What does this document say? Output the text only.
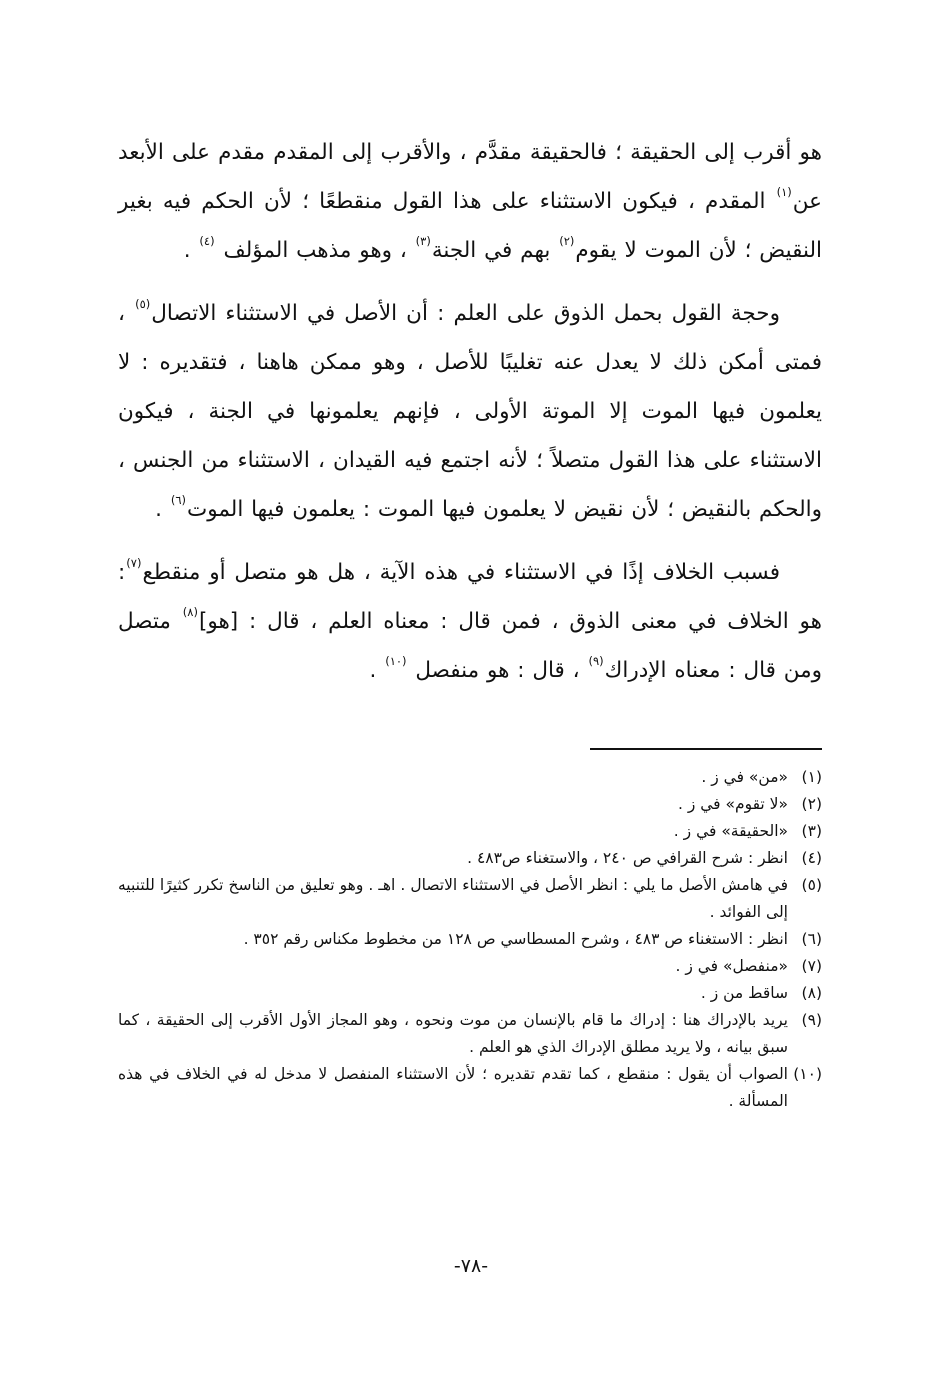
هو أقرب إلى الحقيقة ؛ فالحقيقة مقدَّم ، والأقرب إلى المقدم مقدم على الأبعد عن$^{(١)}$ المقدم ، فيكون الاستثناء على هذا القول منقطعًا ؛ لأن الحكم فيه بغير النقيض ؛ لأن الموت لا يقوم$^{(٢)}$ بهم في الجنة$^{(٣)}$ ، وهو مذهب المؤلف $^{(٤)}$ .

وحجة القول بحمل الذوق على العلم : أن الأصل في الاستثناء الاتصال$^{(٥)}$ ، فمتى أمكن ذلك لا يعدل عنه تغليبًا للأصل ، وهو ممكن هاهنا ، فتقديره : لا يعلمون فيها الموت إلا الموتة الأولى ، فإنهم يعلمونها في الجنة ، فيكون الاستثناء على هذا القول متصلاً ؛ لأنه اجتمع فيه القيدان ، الاستثناء من الجنس ، والحكم بالنقيض ؛ لأن نقيض لا يعلمون فيها الموت : يعلمون فيها الموت$^{(٦)}$ .

فسبب الخلاف إذًا في الاستثناء في هذه الآية ، هل هو متصل أو منقطع$^{(٧)}$: هو الخلاف في معنى الذوق ، فمن قال : معناه العلم ، قال : [هو]$^{(٨)}$ متصل ومن قال : معناه الإدراك$^{(٩)}$ ، قال : هو منفصل $^{(١٠)}$ .

(١)
«من» في ز .
(٢)
«لا تقوم» في ز .
(٣)
«الحقيقة» في ز .
(٤)
انظر : شرح القرافي ص ٢٤٠ ، والاستغناء ص٤٨٣ .
(٥)
في هامش الأصل ما يلي : انظر الأصل في الاستثناء الاتصال . اهـ . وهو تعليق من الناسخ تكرر كثيرًا للتنبيه إلى الفوائد .
(٦)
انظر : الاستغناء ص ٤٨٣ ، وشرح المسطاسي ص ١٢٨ من مخطوط مكناس رقم ٣٥٢ .
(٧)
«منفصل» في ز .
(٨)
ساقط من ز .
(٩)
يريد بالإدراك هنا : إدراك ما قام بالإنسان من موت ونحوه ، وهو المجاز الأول الأقرب إلى الحقيقة ، كما سبق بيانه ، ولا يريد مطلق الإدراك الذي هو العلم .
(١٠)
الصواب أن يقول : منقطع ، كما تقدم تقديره ؛ لأن الاستثناء المنفصل لا مدخل له في الخلاف في هذه المسألة .
-٧٨-
